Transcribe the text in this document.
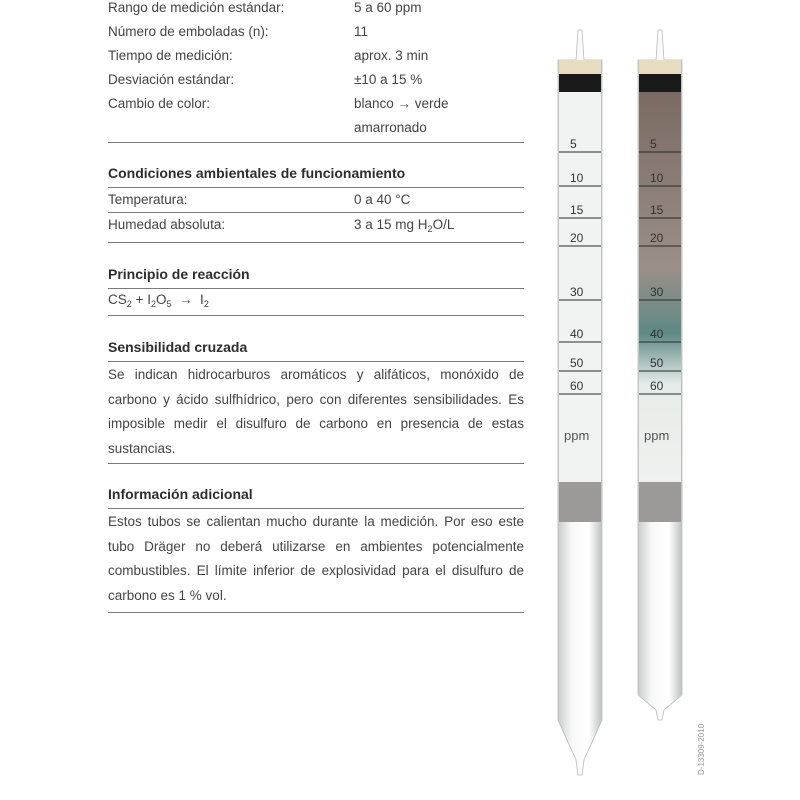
Rango de medición estándar:	5 a 60 ppm
Número de emboladas (n):	11
Tiempo de medición:	aprox. 3 min
Desviación estándar:	±10 a 15 %
Cambio de color:	blanco → verde
amarronado
Condiciones ambientales de funcionamiento
Temperatura:	0 a 40 °C
Humedad absoluta:	3 a 15 mg $H_2O/L$
Principio de reacción
$CS_2 + I_2O_5 \to I_2$
Sensibilidad cruzada
Se indican hidrocarburos aromáticos y alifáticos, monóxido de carbono y ácido sulfhídrico, pero con diferentes sensibilidades. Es imposible medir el disulfuro de carbono en presencia de estas sustancias.
Información adicional
Estos tubos se calientan mucho durante la medición. Por eso este tubo Dräger no deberá utilizarse en ambientes potencialmente combustibles. El límite inferior de explosividad para el disulfuro de carbono es 1 % vol.
5
10
15
20
30
40
50
60
ppm
5
10
15
20
30
40
50
60
ppm
D-13309-2010
